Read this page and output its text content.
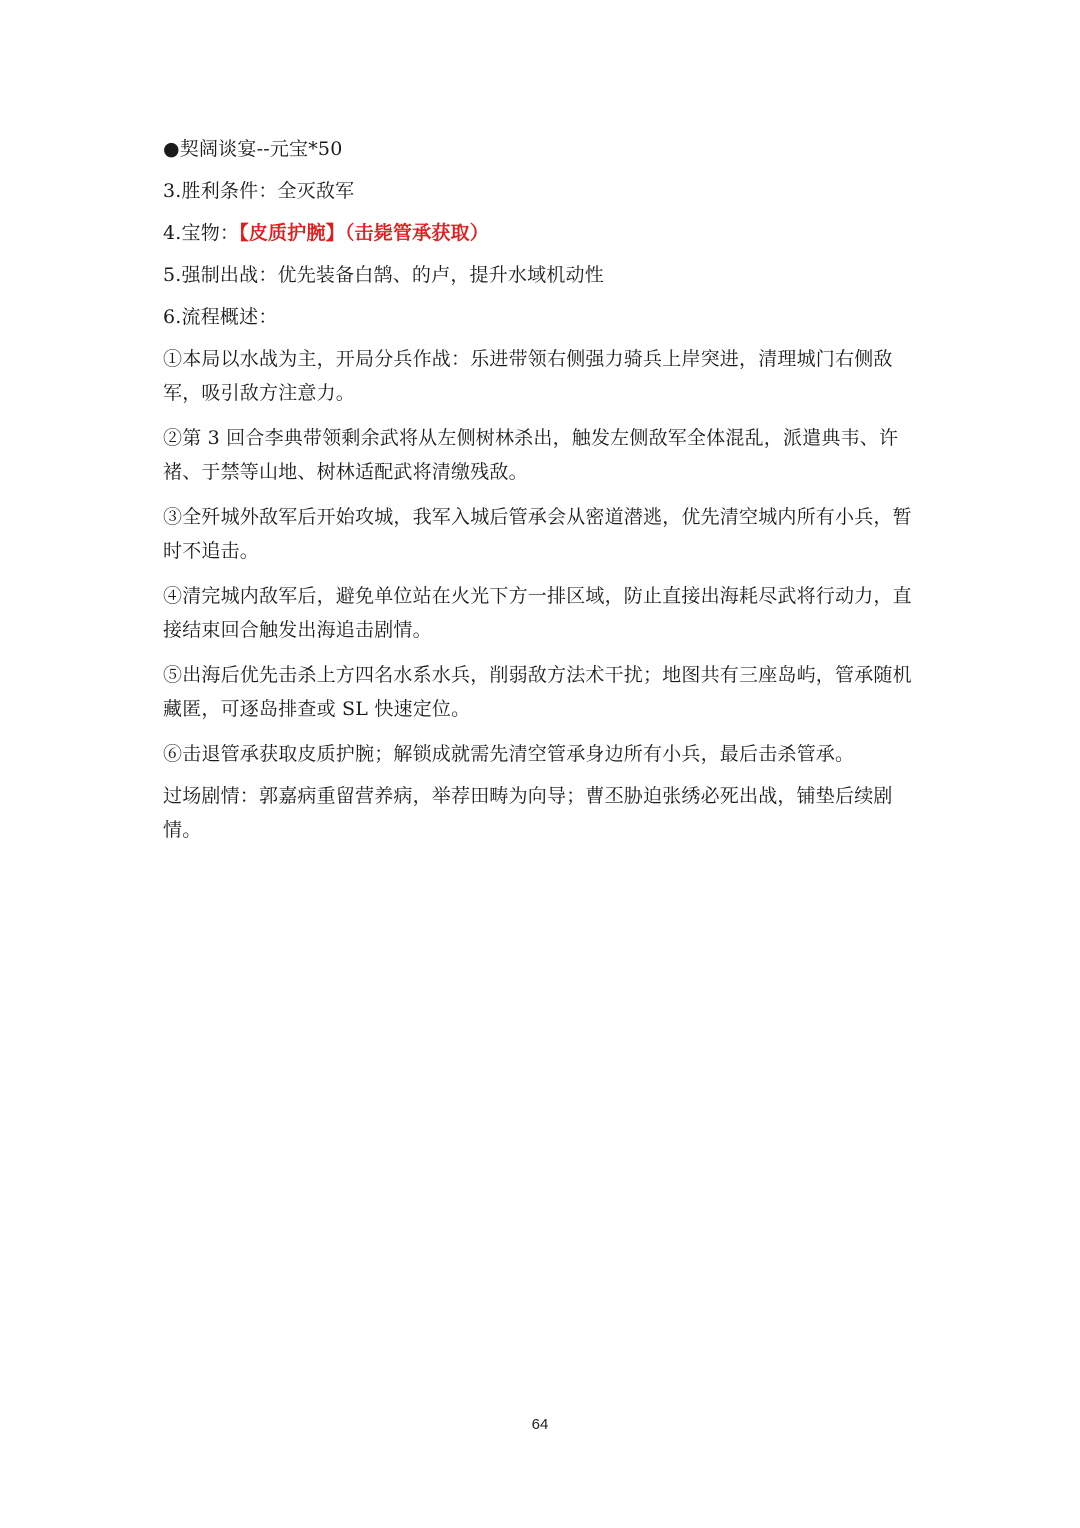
●契阔谈宴--元宝*50

3.胜利条件：全灭敌军

4.宝物：【皮质护腕】（击毙管承获取）

5.强制出战：优先装备白鹄、的卢，提升水域机动性

6.流程概述：

①本局以水战为主，开局分兵作战：乐进带领右侧强力骑兵上岸突进，清理城门右侧敌军，吸引敌方注意力。

②第 3 回合李典带领剩余武将从左侧树林杀出，触发左侧敌军全体混乱，派遣典韦、许褚、于禁等山地、树林适配武将清缴残敌。

③全歼城外敌军后开始攻城，我军入城后管承会从密道潜逃，优先清空城内所有小兵，暂时不追击。

④清完城内敌军后，避免单位站在火光下方一排区域，防止直接出海耗尽武将行动力，直接结束回合触发出海追击剧情。

⑤出海后优先击杀上方四名水系水兵，削弱敌方法术干扰；地图共有三座岛屿，管承随机藏匿，可逐岛排查或 SL 快速定位。

⑥击退管承获取皮质护腕；解锁成就需先清空管承身边所有小兵，最后击杀管承。

过场剧情：郭嘉病重留营养病，举荐田畴为向导；曹丕胁迫张绣必死出战，铺垫后续剧情。

64
